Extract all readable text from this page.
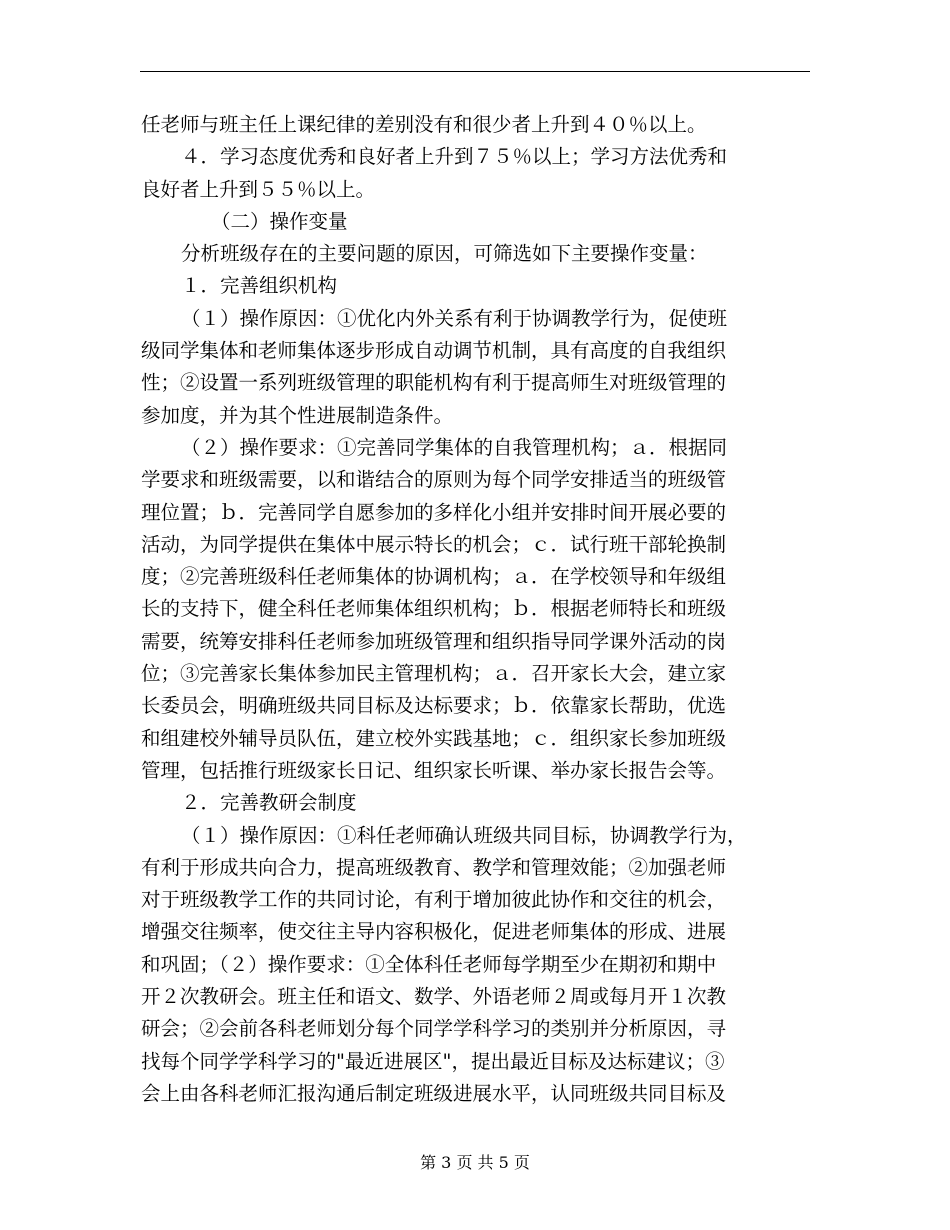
任老师与班主任上课纪律的差别没有和很少者上升到４０％以上。
４．学习态度优秀和良好者上升到７５％以上；学习方法优秀和
良好者上升到５５％以上。
（二）操作变量
分析班级存在的主要问题的原因，可筛选如下主要操作变量：
１．完善组织机构
（１）操作原因：①优化内外关系有利于协调教学行为，促使班
级同学集体和老师集体逐步形成自动调节机制，具有高度的自我组织
性；②设置一系列班级管理的职能机构有利于提高师生对班级管理的
参加度，并为其个性进展制造条件。
（２）操作要求：①完善同学集体的自我管理机构；ａ．根据同
学要求和班级需要，以和谐结合的原则为每个同学安排适当的班级管
理位置；ｂ．完善同学自愿参加的多样化小组并安排时间开展必要的
活动，为同学提供在集体中展示特长的机会；ｃ．试行班干部轮换制
度；②完善班级科任老师集体的协调机构；ａ．在学校领导和年级组
长的支持下，健全科任老师集体组织机构；ｂ．根据老师特长和班级
需要，统筹安排科任老师参加班级管理和组织指导同学课外活动的岗
位；③完善家长集体参加民主管理机构；ａ．召开家长大会，建立家
长委员会，明确班级共同目标及达标要求；ｂ．依靠家长帮助，优选
和组建校外辅导员队伍，建立校外实践基地；ｃ．组织家长参加班级
管理，包括推行班级家长日记、组织家长听课、举办家长报告会等。
２．完善教研会制度
（１）操作原因：①科任老师确认班级共同目标，协调教学行为，
有利于形成共向合力，提高班级教育、教学和管理效能；②加强老师
对于班级教学工作的共同讨论，有利于增加彼此协作和交往的机会，
增强交往频率，使交往主导内容积极化，促进老师集体的形成、进展
和巩固；（２）操作要求：①全体科任老师每学期至少在期初和期中
开２次教研会。班主任和语文、数学、外语老师２周或每月开１次教
研会；②会前各科老师划分每个同学学科学习的类别并分析原因，寻
找每个同学学科学习的"最近进展区"，提出最近目标及达标建议；③
会上由各科老师汇报沟通后制定班级进展水平，认同班级共同目标及
第 3 页 共 5 页
